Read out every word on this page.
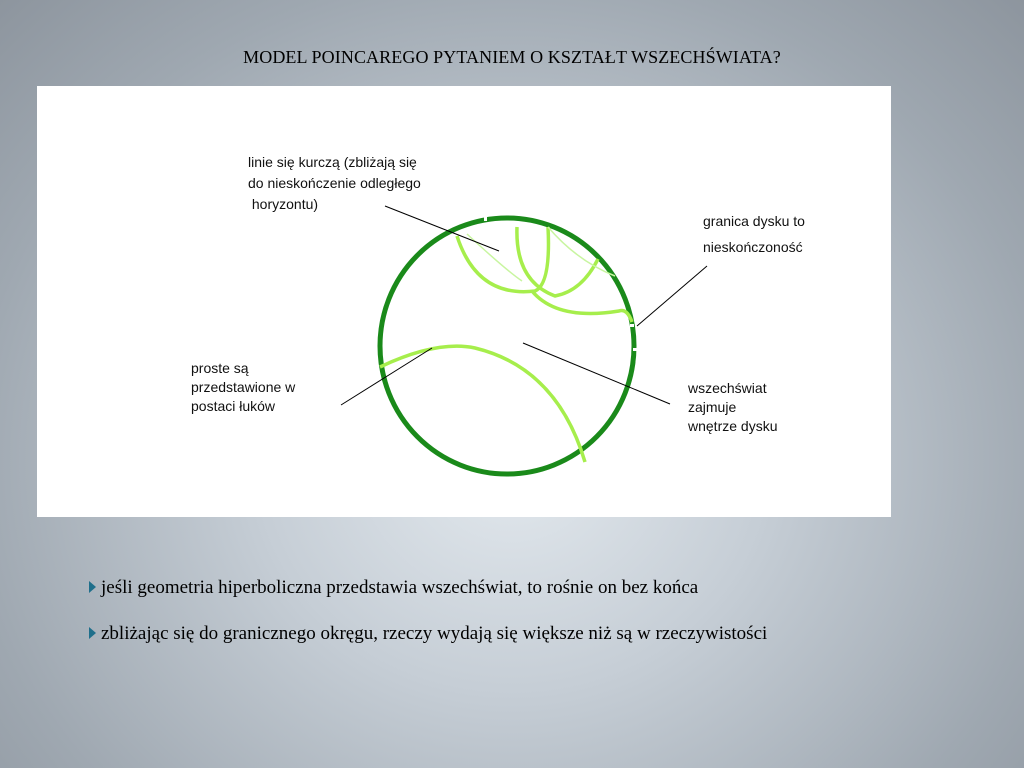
MODEL POINCAREGO PYTANIEM O KSZTAŁT WSZECHŚWIATA?
linie się kurczą (zbliżają się
do nieskończenie odległego
horyzontu)
granica dysku to
nieskończoność
proste są
przedstawione w
postaci łuków
wszechświat
zajmuje
wnętrze dysku
jeśli geometria hiperboliczna przedstawia wszechświat, to rośnie on bez końca
zbliżając się do granicznego okręgu, rzeczy wydają się większe niż są w rzeczywistości
